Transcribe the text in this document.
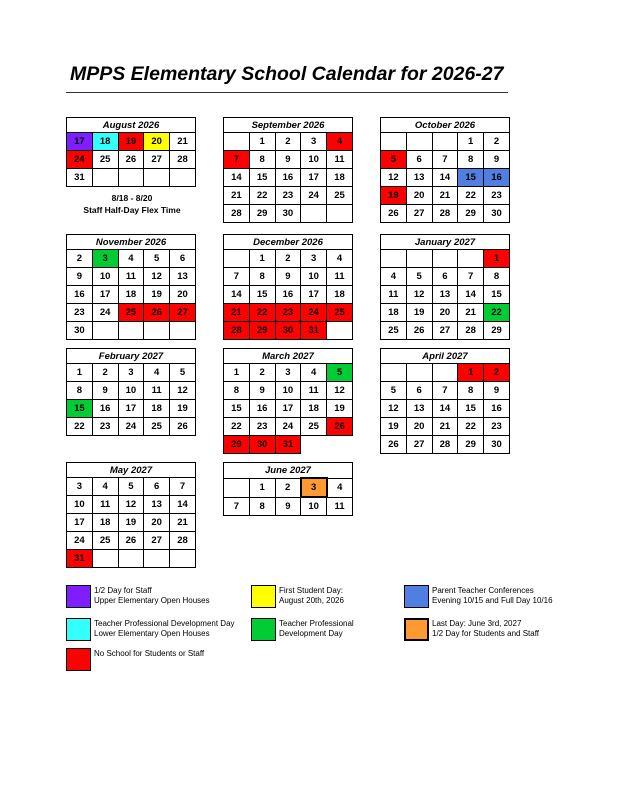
MPPS Elementary School Calendar for 2026-27
August 2026				
17	18	19	20	21
24	25	26	27	28
31				
September 2026				
	1	2	3	4
7	8	9	10	11
14	15	16	17	18
21	22	23	24	25
28	29	30		
October 2026				
			1	2
5	6	7	8	9
12	13	14	15	16
19	20	21	22	23
26	27	28	29	30
November 2026				
2	3	4	5	6
9	10	11	12	13
16	17	18	19	20
23	24	25	26	27
30				
December 2026				
	1	2	3	4
7	8	9	10	11
14	15	16	17	18
21	22	23	24	25
28	29	30	31	
January 2027				
				1
4	5	6	7	8
11	12	13	14	15
18	19	20	21	22
25	26	27	28	29
February 2027				
1	2	3	4	5
8	9	10	11	12
15	16	17	18	19
22	23	24	25	26
March 2027				
1	2	3	4	5
8	9	10	11	12
15	16	17	18	19
22	23	24	25	26
29	30	31		
April 2027				
			1	2
5	6	7	8	9
12	13	14	15	16
19	20	21	22	23
26	27	28	29	30
May 2027				
3	4	5	6	7
10	11	12	13	14
17	18	19	20	21
24	25	26	27	28
31				
June 2027				
	1	2	3	4
7	8	9	10	11
8/18 - 8/20
Staff Half-Day Flex Time
1/2 Day for Staff
Upper Elementary Open Houses
First Student Day:
August 20th, 2026
Parent Teacher Conferences
Evening 10/15 and Full Day 10/16
Teacher Professional Development Day
Lower Elementary Open Houses
Teacher Professional
Development Day
Last Day: June 3rd, 2027
1/2 Day for Students and Staff
No School for Students or Staff
